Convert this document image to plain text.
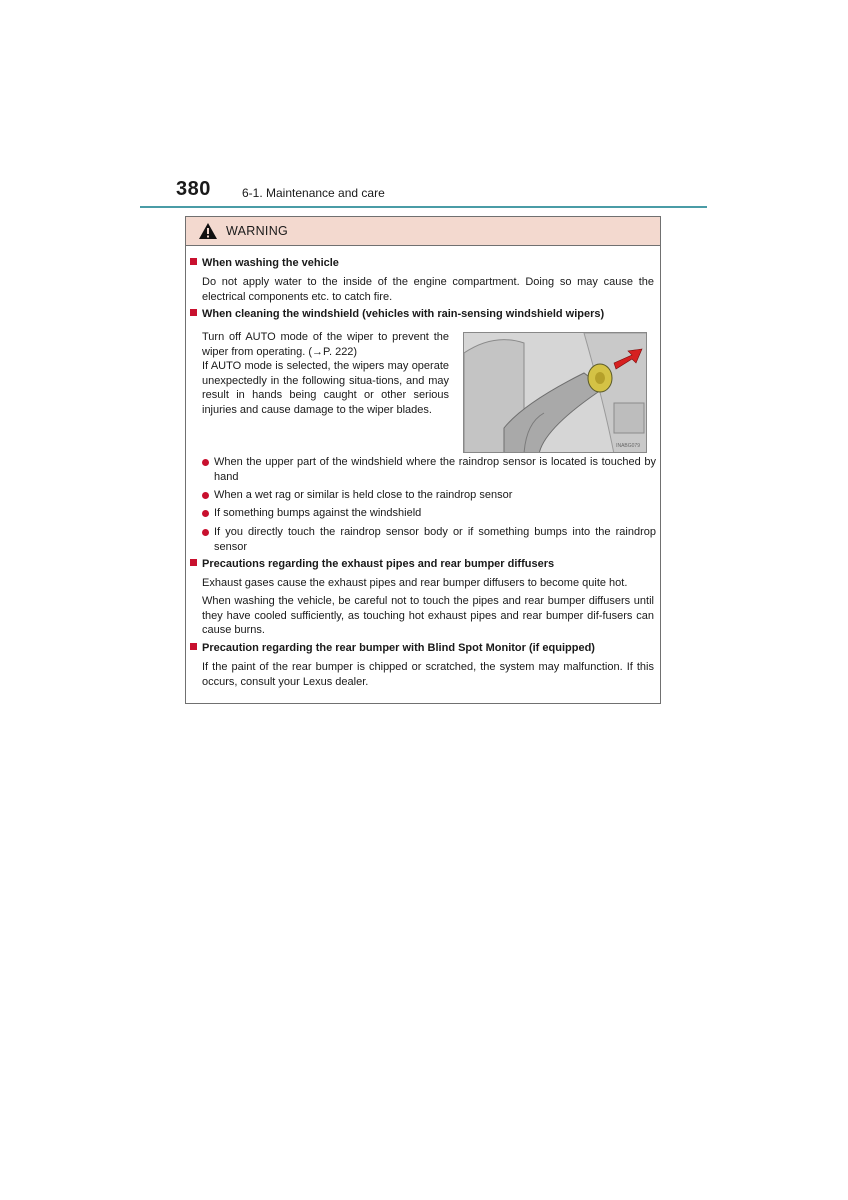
380	6-1. Maintenance and care
WARNING
When washing the vehicle
Do not apply water to the inside of the engine compartment. Doing so may cause the electrical components etc. to catch fire.
When cleaning the windshield (vehicles with rain-sensing windshield wipers)
Turn off AUTO mode of the wiper to prevent the wiper from operating. (→P. 222)
If AUTO mode is selected, the wipers may operate unexpectedly in the following situa-tions, and may result in hands being caught or other serious injuries and cause damage to the wiper blades.
INABG079
When the upper part of the windshield where the raindrop sensor is located is touched by hand
When a wet rag or similar is held close to the raindrop sensor
If something bumps against the windshield
If you directly touch the raindrop sensor body or if something bumps into the raindrop sensor
Precautions regarding the exhaust pipes and rear bumper diffusers
Exhaust gases cause the exhaust pipes and rear bumper diffusers to become quite hot.
When washing the vehicle, be careful not to touch the pipes and rear bumper diffusers until they have cooled sufficiently, as touching hot exhaust pipes and rear bumper dif-fusers can cause burns.
Precaution regarding the rear bumper with Blind Spot Monitor (if equipped)
If the paint of the rear bumper is chipped or scratched, the system may malfunction. If this occurs, consult your Lexus dealer.
